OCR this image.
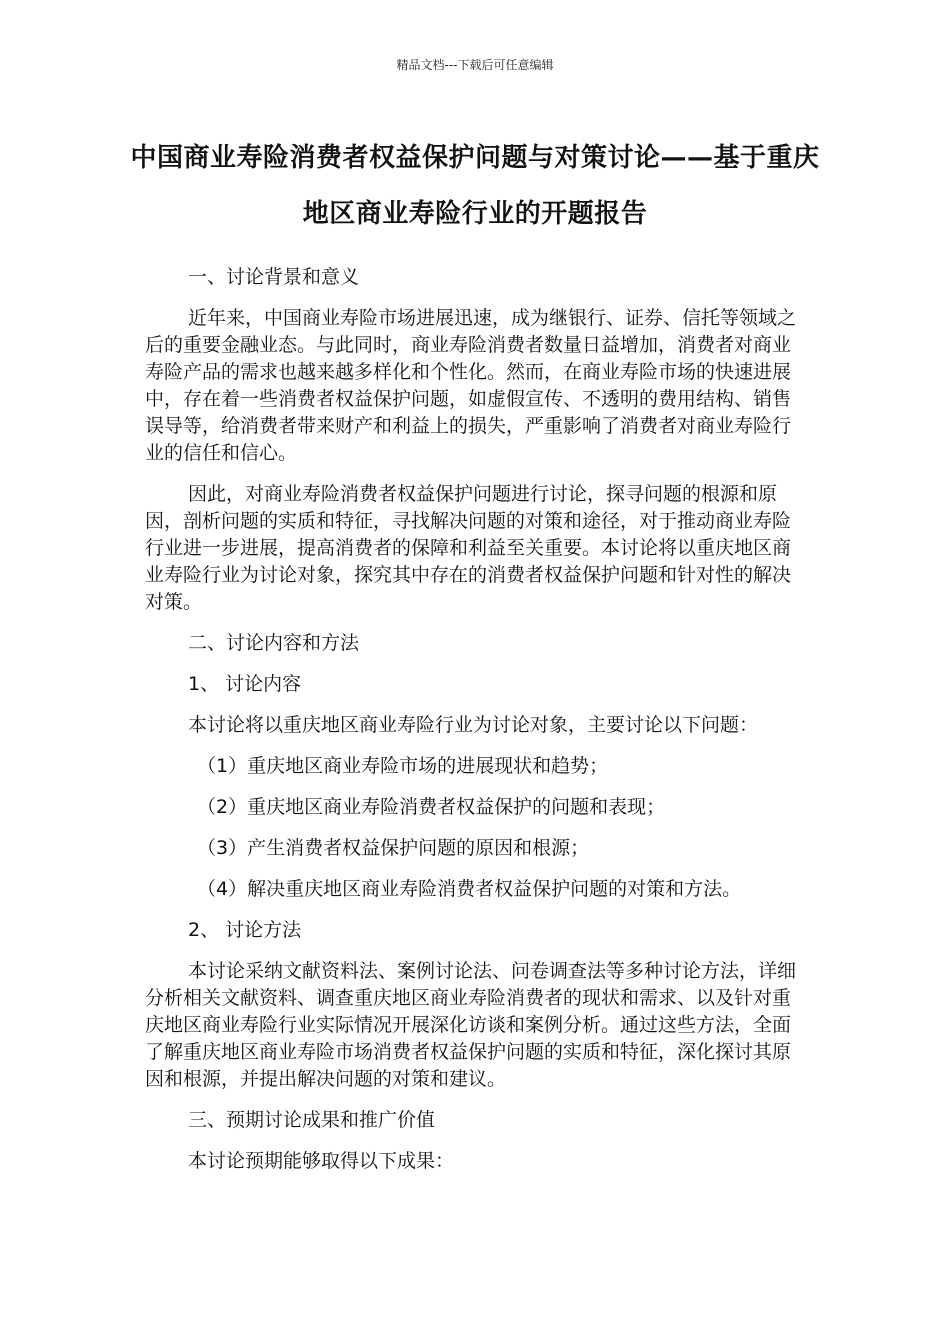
精品文档---下载后可任意编辑
中国商业寿险消费者权益保护问题与对策讨论——基于重庆地区商业寿险行业的开题报告

一、讨论背景和意义

近年来，中国商业寿险市场进展迅速，成为继银行、证券、信托等领域之后的重要金融业态。与此同时，商业寿险消费者数量日益增加，消费者对商业寿险产品的需求也越来越多样化和个性化。然而，在商业寿险市场的快速进展中，存在着一些消费者权益保护问题，如虚假宣传、不透明的费用结构、销售误导等，给消费者带来财产和利益上的损失，严重影响了消费者对商业寿险行业的信任和信心。

因此，对商业寿险消费者权益保护问题进行讨论，探寻问题的根源和原因，剖析问题的实质和特征，寻找解决问题的对策和途径，对于推动商业寿险行业进一步进展，提高消费者的保障和利益至关重要。本讨论将以重庆地区商业寿险行业为讨论对象，探究其中存在的消费者权益保护问题和针对性的解决对策。

二、讨论内容和方法

1、 讨论内容

本讨论将以重庆地区商业寿险行业为讨论对象，主要讨论以下问题：

（1）重庆地区商业寿险市场的进展现状和趋势；

（2）重庆地区商业寿险消费者权益保护的问题和表现；

（3）产生消费者权益保护问题的原因和根源；

（4）解决重庆地区商业寿险消费者权益保护问题的对策和方法。

2、 讨论方法

本讨论采纳文献资料法、案例讨论法、问卷调查法等多种讨论方法，详细分析相关文献资料、调查重庆地区商业寿险消费者的现状和需求、以及针对重庆地区商业寿险行业实际情况开展深化访谈和案例分析。通过这些方法，全面了解重庆地区商业寿险市场消费者权益保护问题的实质和特征，深化探讨其原因和根源，并提出解决问题的对策和建议。

三、预期讨论成果和推广价值

本讨论预期能够取得以下成果：
